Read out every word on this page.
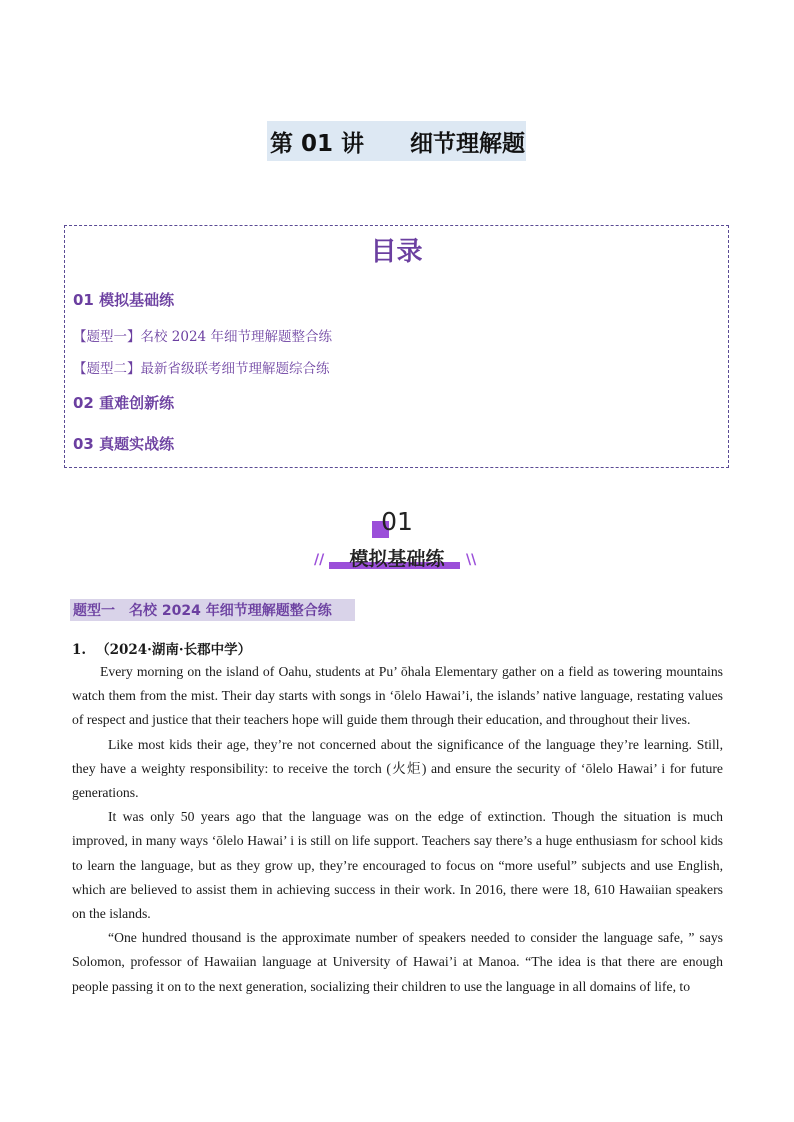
第 01 讲　　细节理解题
目录
01 模拟基础练
【题型一】名校 2024 年细节理解题整合练
【题型二】最新省级联考细节理解题综合练
02 重难创新练
03 真题实战练
01
//	模拟基础练	\\
题型一　名校 2024 年细节理解题整合练
1. （2024·湖南·长郡中学）

Every morning on the island of Oahu, students at Pu’ ōhala Elementary gather on a field as towering mountains watch them from the mist. Their day starts with songs in ‘ōlelo Hawai’i, the islands’ native language, restating values of respect and justice that their teachers hope will guide them through their education, and throughout their lives.

Like most kids their age, they’re not concerned about the significance of the language they’re learning. Still, they have a weighty responsibility: to receive the torch (火炬) and ensure the security of ‘ōlelo Hawai’ i for future generations.

It was only 50 years ago that the language was on the edge of extinction. Though the situation is much improved, in many ways ‘ōlelo Hawai’ i is still on life support. Teachers say there’s a huge enthusiasm for school kids to learn the language, but as they grow up, they’re encouraged to focus on “more useful” subjects and use English, which are believed to assist them in achieving success in their work. In 2016, there were 18, 610 Hawaiian speakers on the islands.

“One hundred thousand is the approximate number of speakers needed to consider the language safe, ” says Solomon, professor of Hawaiian language at University of Hawai’i at Manoa. “The idea is that there are enough people passing it on to the next generation, socializing their children to use the language in all domains of life, to
